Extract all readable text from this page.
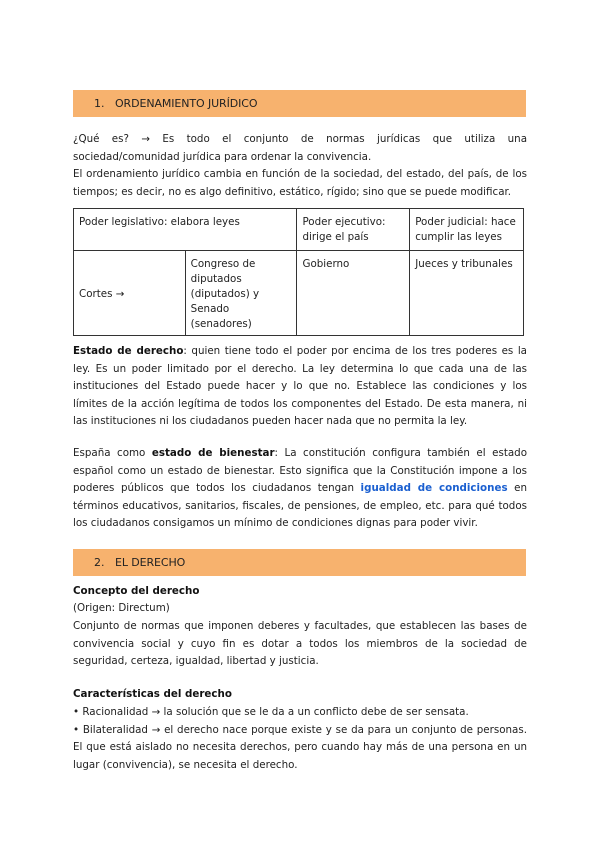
1. ORDENAMIENTO JURÍDICO
¿Qué es? → Es todo el conjunto de normas jurídicas que utiliza una sociedad/comunidad jurídica para ordenar la convivencia.
El ordenamiento jurídico cambia en función de la sociedad, del estado, del país, de los tiempos; es decir, no es algo definitivo, estático, rígido; sino que se puede modificar.
Poder legislativo: elabora leyes		Poder ejecutivo: dirige el país	Poder judicial: hace cumplir las leyes
Cortes →	Congreso de diputados (diputados) y Senado (senadores)	Gobierno	Jueces y tribunales
Estado de derecho: quien tiene todo el poder por encima de los tres poderes es la ley. Es un poder limitado por el derecho. La ley determina lo que cada una de las instituciones del Estado puede hacer y lo que no. Establece las condiciones y los límites de la acción legítima de todos los componentes del Estado. De esta manera, ni las instituciones ni los ciudadanos pueden hacer nada que no permita la ley.
España como estado de bienestar: La constitución configura también el estado español como un estado de bienestar. Esto significa que la Constitución impone a los poderes públicos que todos los ciudadanos tengan igualdad de condiciones en términos educativos, sanitarios, fiscales, de pensiones, de empleo, etc. para qué todos los ciudadanos consigamos un mínimo de condiciones dignas para poder vivir.
2. EL DERECHO
Concepto del derecho
(Origen: Directum)
Conjunto de normas que imponen deberes y facultades, que establecen las bases de convivencia social y cuyo fin es dotar a todos los miembros de la sociedad de seguridad, certeza, igualdad, libertad y justicia.
Características del derecho
• Racionalidad → la solución que se le da a un conflicto debe de ser sensata.
• Bilateralidad → el derecho nace porque existe y se da para un conjunto de personas. El que está aislado no necesita derechos, pero cuando hay más de una persona en un lugar (convivencia), se necesita el derecho.
